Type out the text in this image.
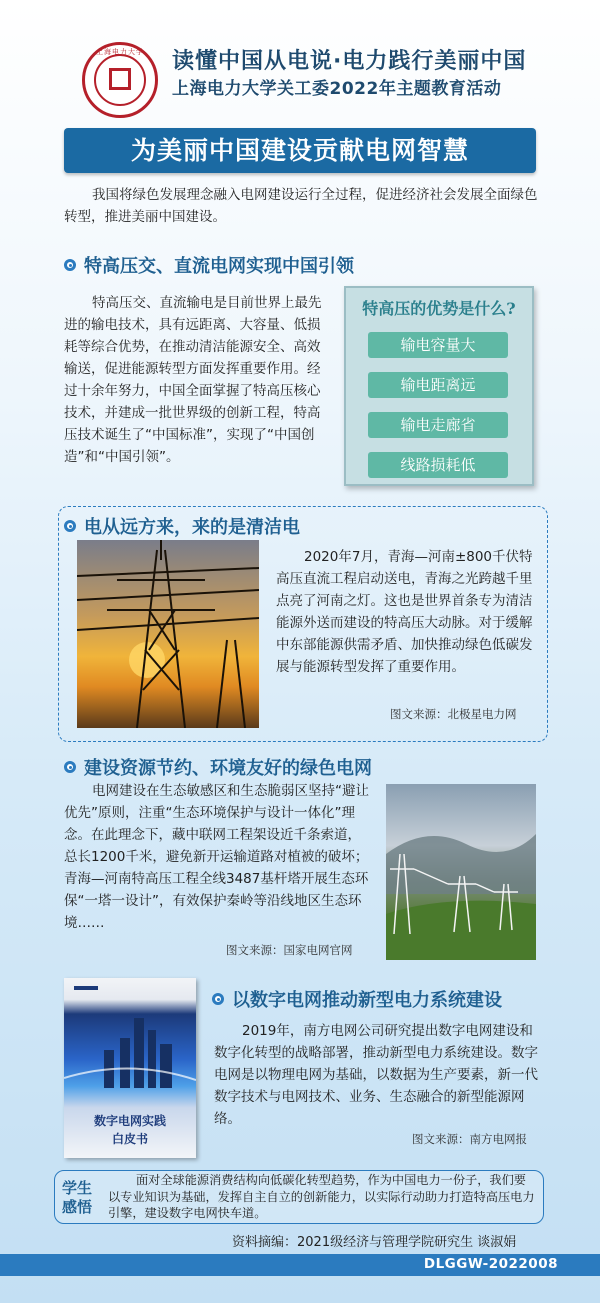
上海电力大学	读懂中国从电说·电力践行美丽中国
上海电力大学关工委2022年主题教育活动
为美丽中国建设贡献电网智慧
我国将绿色发展理念融入电网建设运行全过程，促进经济社会发展全面绿色转型，推进美丽中国建设。
特高压交、直流电网实现中国引领
特高压交、直流输电是目前世界上最先进的输电技术，具有远距离、大容量、低损耗等综合优势，在推动清洁能源安全、高效输送，促进能源转型方面发挥重要作用。经过十余年努力，中国全面掌握了特高压核心技术，并建成一批世界级的创新工程，特高压技术诞生了“中国标准”，实现了“中国创造”和“中国引领”。
特高压的优势是什么?
输电容量大
输电距离远
输电走廊省
线路损耗低
电从远方来，来的是清洁电
2020年7月，青海—河南±800千伏特高压直流工程启动送电，青海之光跨越千里点亮了河南之灯。这也是世界首条专为清洁能源外送而建设的特高压大动脉。对于缓解中东部能源供需矛盾、加快推动绿色低碳发展与能源转型发挥了重要作用。
图文来源：北极星电力网
建设资源节约、环境友好的绿色电网
电网建设在生态敏感区和生态脆弱区坚持“避让优先”原则，注重“生态环境保护与设计一体化”理念。在此理念下，藏中联网工程架设近千条索道，总长1200千米，避免新开运输道路对植被的破坏；青海—河南特高压工程全线3487基杆塔开展生态环保“一塔一设计”，有效保护秦岭等沿线地区生态环境……
图文来源：国家电网官网
数字电网实践
白皮书
以数字电网推动新型电力系统建设
2019年，南方电网公司研究提出数字电网建设和数字化转型的战略部署，推动新型电力系统建设。数字电网是以物理电网为基础，以数据为生产要素，新一代数字技术与电网技术、业务、生态融合的新型能源网络。
图文来源：南方电网报
学生感悟
面对全球能源消费结构向低碳化转型趋势，作为中国电力一份子，我们要以专业知识为基础，发挥自主自立的创新能力，以实际行动助力打造特高压电力引擎，建设数字电网快车道。
资料摘编：2021级经济与管理学院研究生 谈淑娟
DLGGW-2022008
